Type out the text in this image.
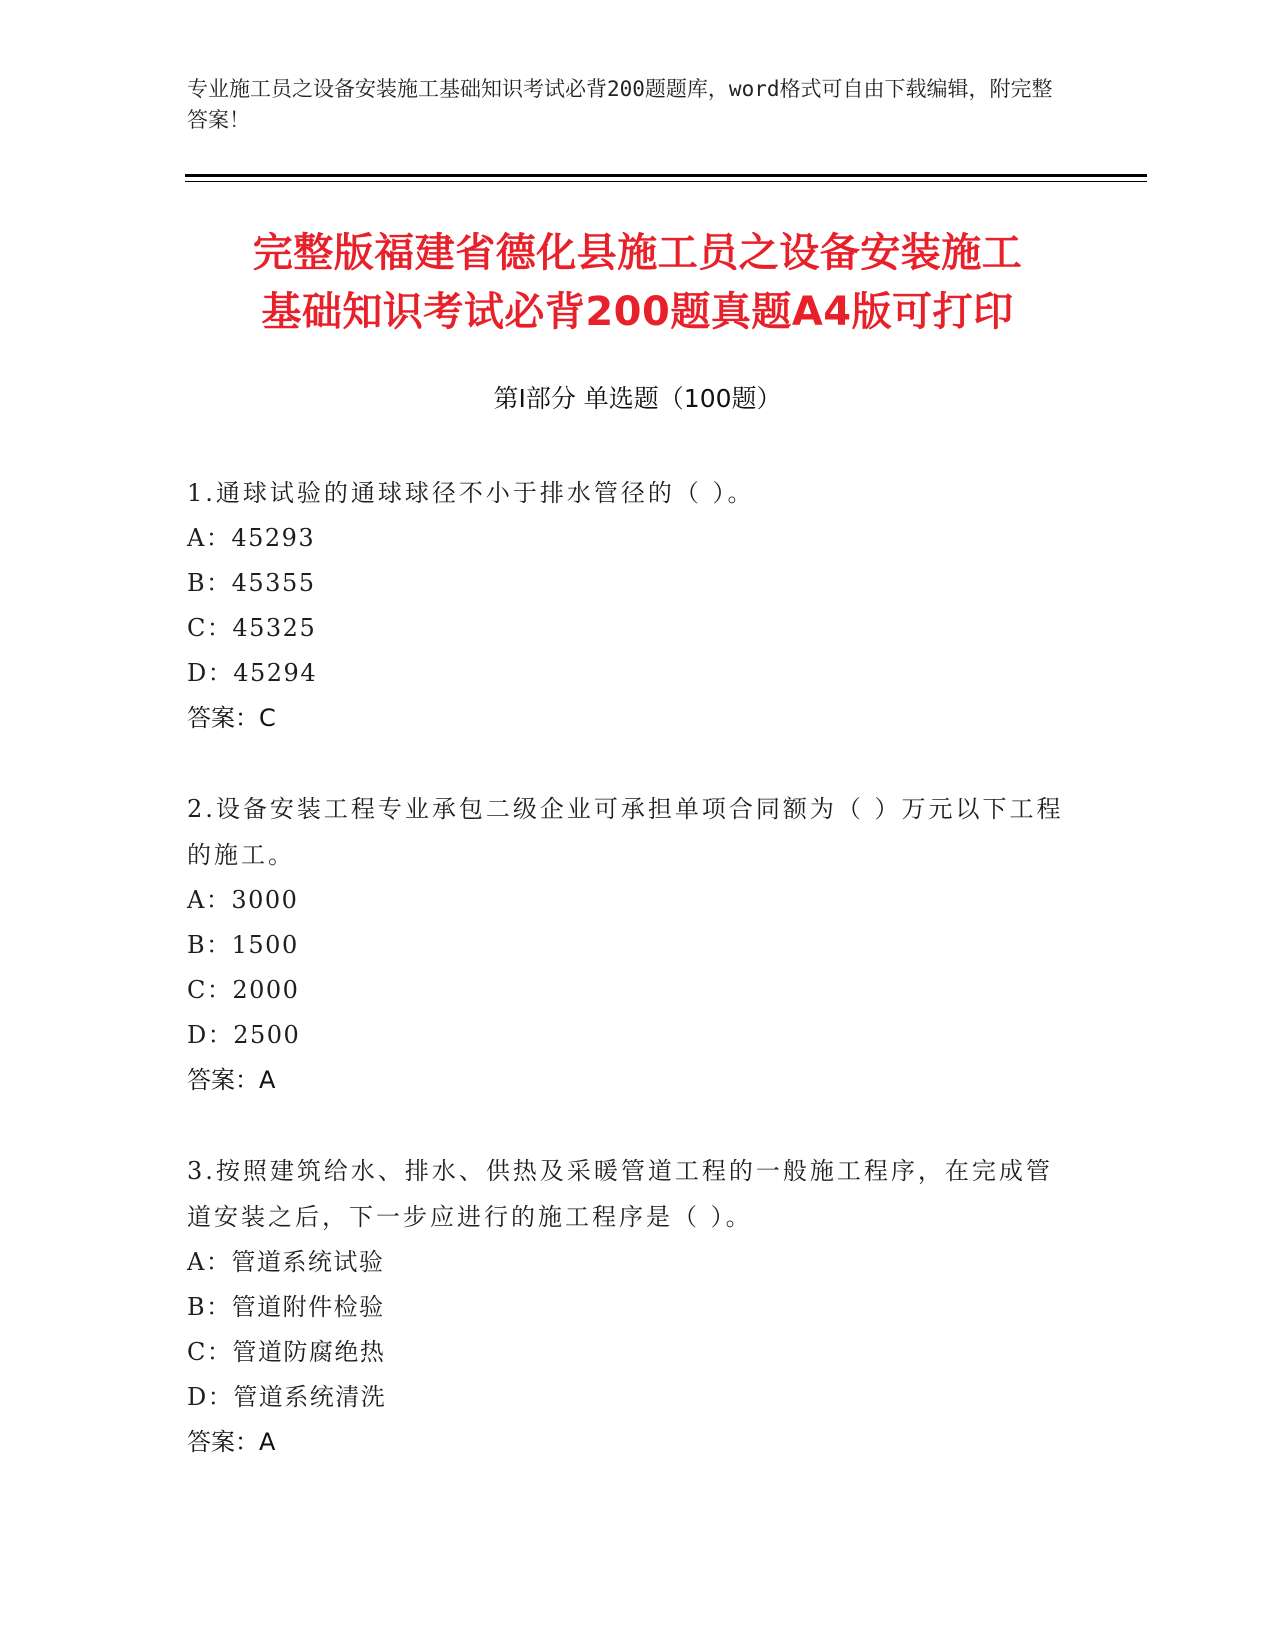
专业施工员之设备安装施工基础知识考试必背200题题库，word格式可自由下载编辑，附完整答案！

完整版福建省德化县施工员之设备安装施工
基础知识考试必背200题真题A4版可打印
第Ⅰ部分 单选题（100题）

1.通球试验的通球球径不小于排水管径的（ ）。

A：45293

B：45355

C：45325

D：45294

答案：C

2.设备安装工程专业承包二级企业可承担单项合同额为（ ）万元以下工程的施工。

A：3000

B：1500

C：2000

D：2500

答案：A

3.按照建筑给水、排水、供热及采暖管道工程的一般施工程序，在完成管道安装之后，下一步应进行的施工程序是（ ）。

A：管道系统试验

B：管道附件检验

C：管道防腐绝热

D：管道系统清洗

答案：A
